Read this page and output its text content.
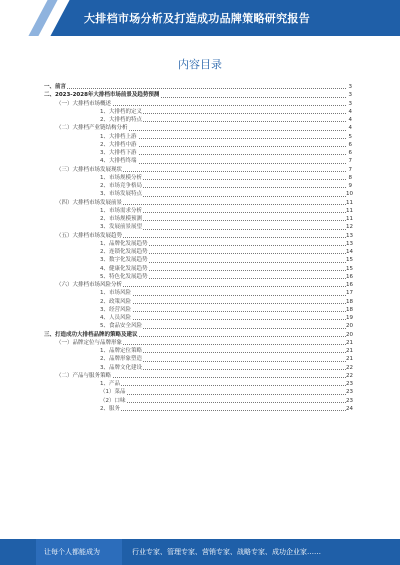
大排档市场分析及打造成功品牌策略研究报告
内容目录
一、前言	3
二、2023-2028年大排档市场前景及趋势预测	3
（一）大排档市场概述	3
1、大排档的定义	4
2、大排档的特点	4
（二）大排档产业链结构分析	4
1、大排档上游	5
2、大排档中游	6
3、大排档下游	6
4、大排档终端	7
（三）大排档市场发展现状	7
1、市场规模分析	8
2、市场竞争格局	9
3、市场发展特点	10
（四）大排档市场发展前景	11
1、市场需求分析	11
2、市场规模预测	11
3、发展前景展望	12
（五）大排档市场发展趋势	13
1、品牌化发展趋势	13
2、连锁化发展趋势	14
3、数字化发展趋势	15
4、健康化发展趋势	15
5、特色化发展趋势	16
（六）大排档市场风险分析	16
1、市场风险	17
2、政策风险	18
3、经营风险	18
4、人员风险	19
5、食品安全风险	20
三、打造成功大排档品牌的策略及建议	20
（一）品牌定位与品牌形象	21
1、品牌定位策略	21
2、品牌形象塑造	21
3、品牌文化建设	22
（二）产品与服务策略	22
1、产品	23
（1）菜品	23
（2）口味	23
2、服务	24
让每个人都能成为	行业专家、管理专家、营销专家、战略专家、成功企业家……
